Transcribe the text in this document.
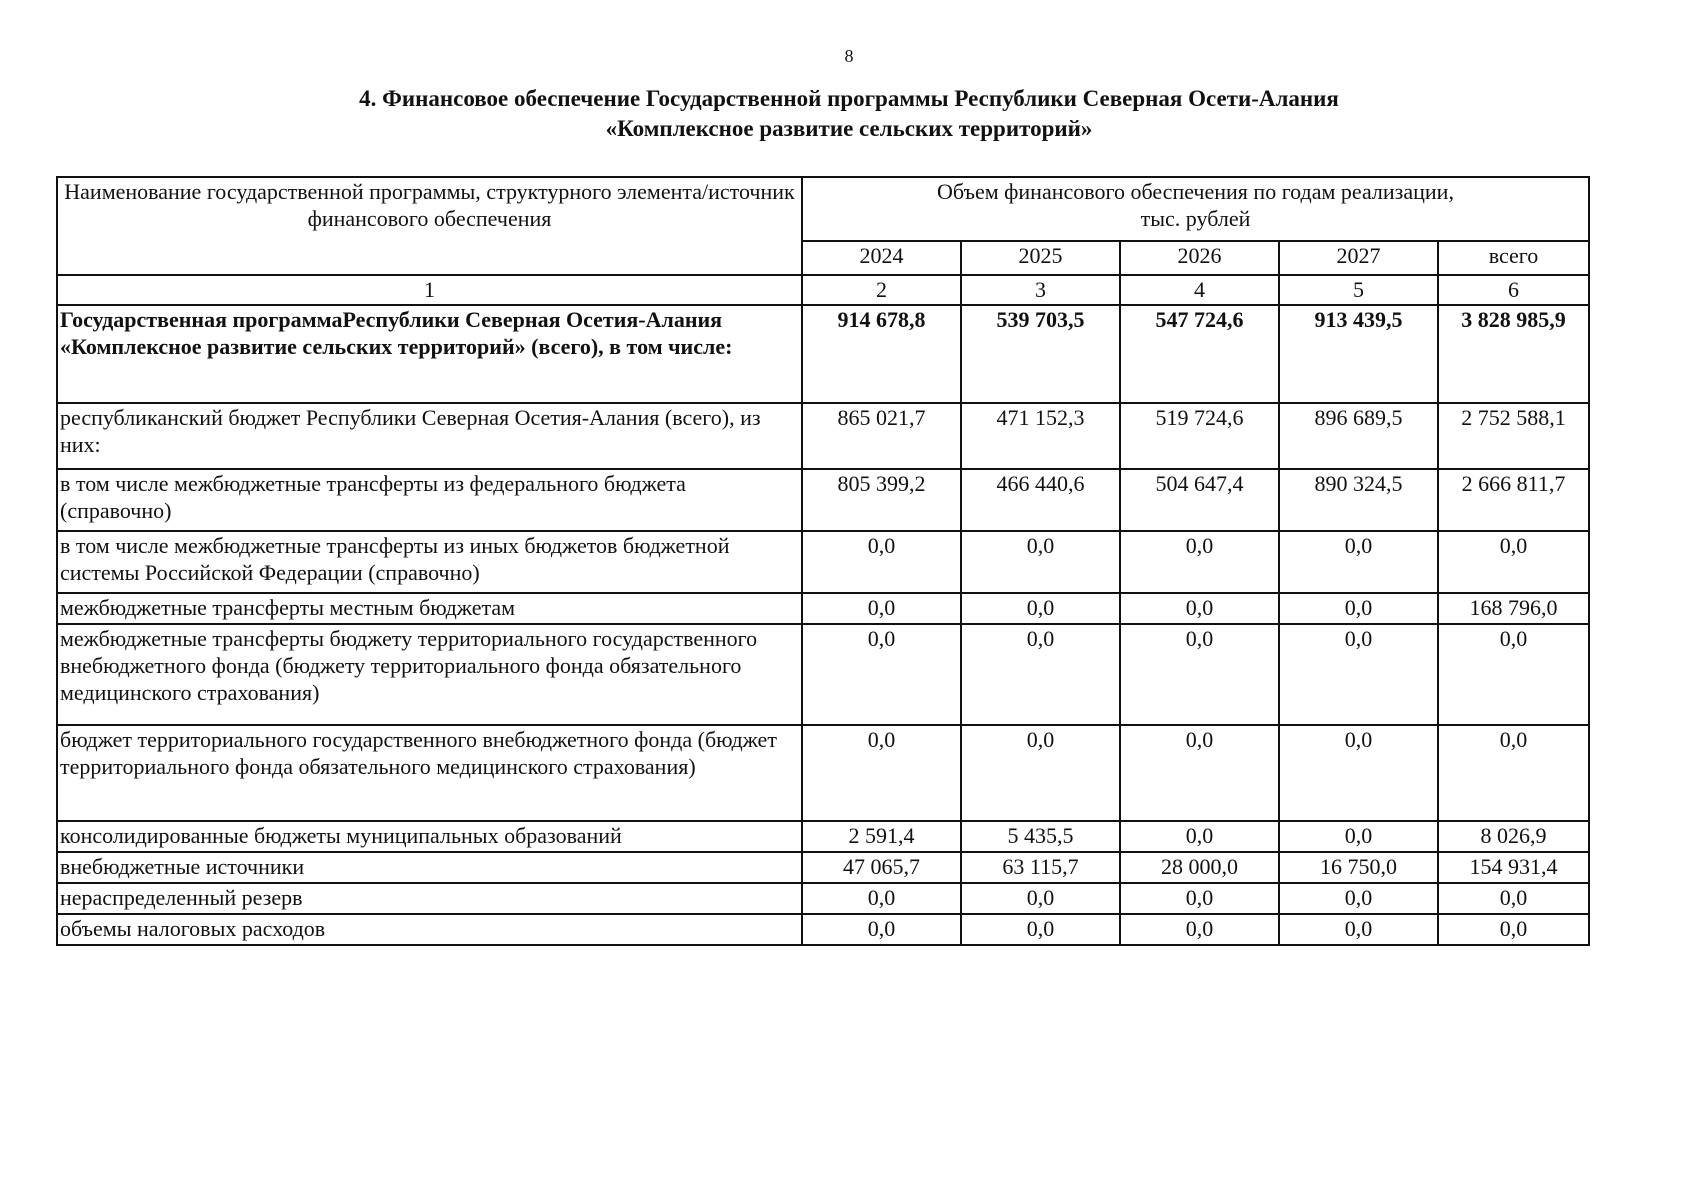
8
4. Финансовое обеспечение Государственной программы Республики Северная Осети-Алания
«Комплексное развитие сельских территорий»
Наименование государственной программы, структурного элемента/источник финансового обеспечения	Объем финансового обеспечения по годам реализации,
тыс. рублей				

	2024	2025	2026	2027	всего
1	2	3	4	5	6
Государственная программаРеспублики Северная Осетия-Алания «Комплексное развитие сельских территорий» (всего), в том числе:	914 678,8	539 703,5	547 724,6	913 439,5	3 828 985,9
республиканский бюджет Республики Северная Осетия-Алания (всего), из них:	865 021,7	471 152,3	519 724,6	896 689,5	2 752 588,1
в том числе межбюджетные трансферты из федерального бюджета (справочно)	805 399,2	466 440,6	504 647,4	890 324,5	2 666 811,7
в том числе межбюджетные трансферты из иных бюджетов бюджетной системы Российской Федерации (справочно)	0,0	0,0	0,0	0,0	0,0
межбюджетные трансферты местным бюджетам	0,0	0,0	0,0	0,0	168 796,0
межбюджетные трансферты бюджету территориального государственного внебюджетного фонда (бюджету территориального фонда обязательного медицинского страхования)	0,0	0,0	0,0	0,0	0,0
бюджет территориального государственного внебюджетного фонда (бюджет территориального фонда обязательного медицинского страхования)	0,0	0,0	0,0	0,0	0,0
консолидированные бюджеты муниципальных образований	2 591,4	5 435,5	0,0	0,0	8 026,9
внебюджетные источники	47 065,7	63 115,7	28 000,0	16 750,0	154 931,4
нераспределенный резерв	0,0	0,0	0,0	0,0	0,0
объемы налоговых расходов	0,0	0,0	0,0	0,0	0,0
